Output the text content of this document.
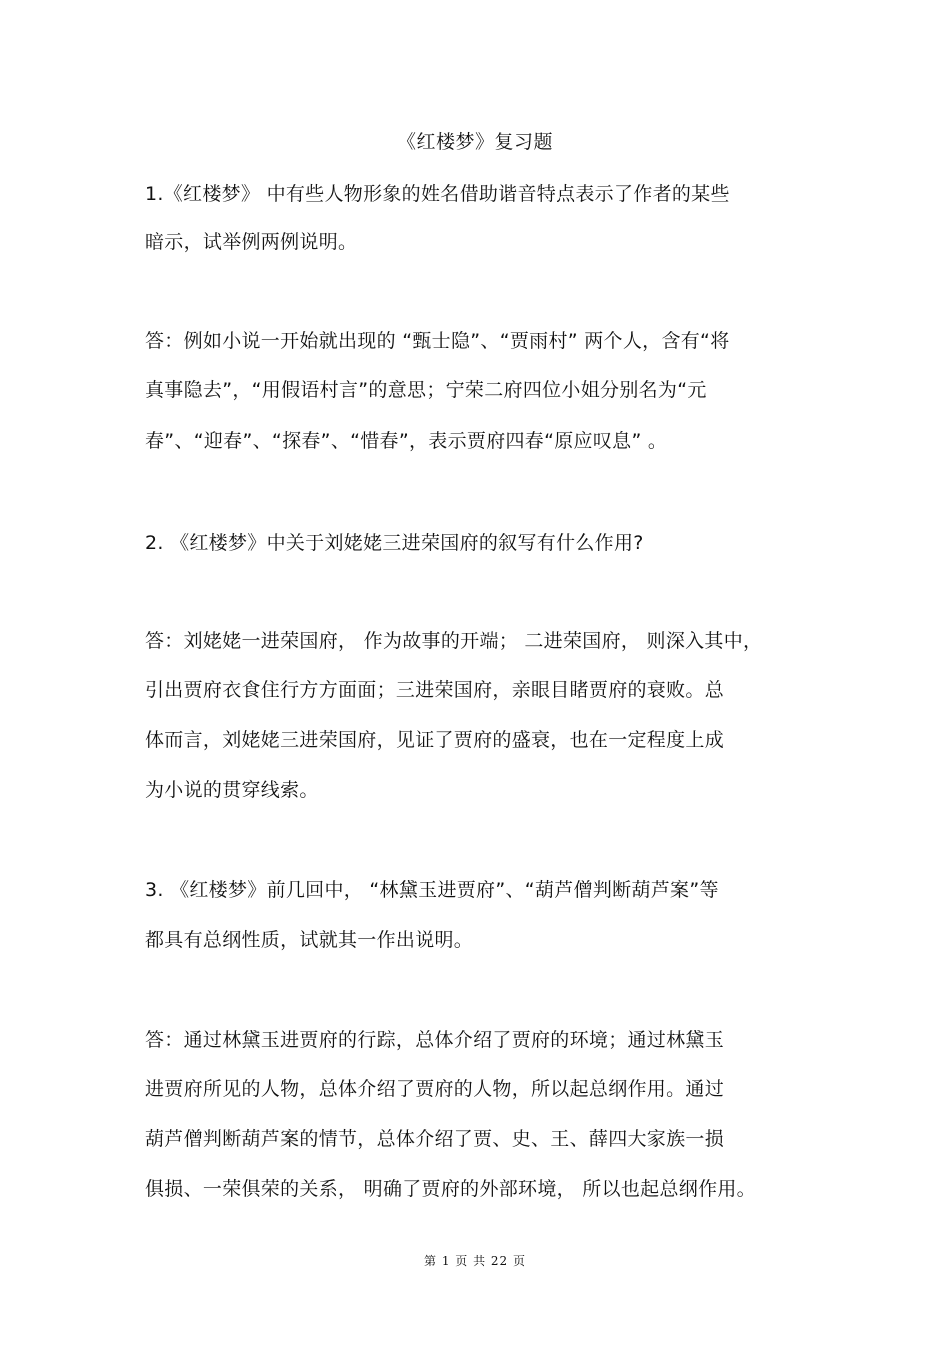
《红楼梦》复习题
1.《红楼梦》 中有些人物形象的姓名借助谐音特点表示了作者的某些
暗示，试举例两例说明。
答：例如小说一开始就出现的 “甄士隐”、“贾雨村” 两个人，含有“将
真事隐去”，“用假语村言”的意思；宁荣二府四位小姐分别名为“元
春”、“迎春”、“探春”、“惜春”，表示贾府四春“原应叹息” 。
2. 《红楼梦》中关于刘姥姥三进荣国府的叙写有什么作用?
答：刘姥姥一进荣国府， 作为故事的开端； 二进荣国府， 则深入其中，
引出贾府衣食住行方方面面；三进荣国府，亲眼目睹贾府的衰败。总
体而言，刘姥姥三进荣国府，见证了贾府的盛衰，也在一定程度上成
为小说的贯穿线索。
3. 《红楼梦》前几回中， “林黛玉进贾府”、“葫芦僧判断葫芦案”等
都具有总纲性质，试就其一作出说明。
答：通过林黛玉进贾府的行踪，总体介绍了贾府的环境；通过林黛玉
进贾府所见的人物，总体介绍了贾府的人物，所以起总纲作用。通过
葫芦僧判断葫芦案的情节，总体介绍了贾、史、王、薛四大家族一损
俱损、一荣俱荣的关系， 明确了贾府的外部环境， 所以也起总纲作用。
第 1 页 共 22 页
